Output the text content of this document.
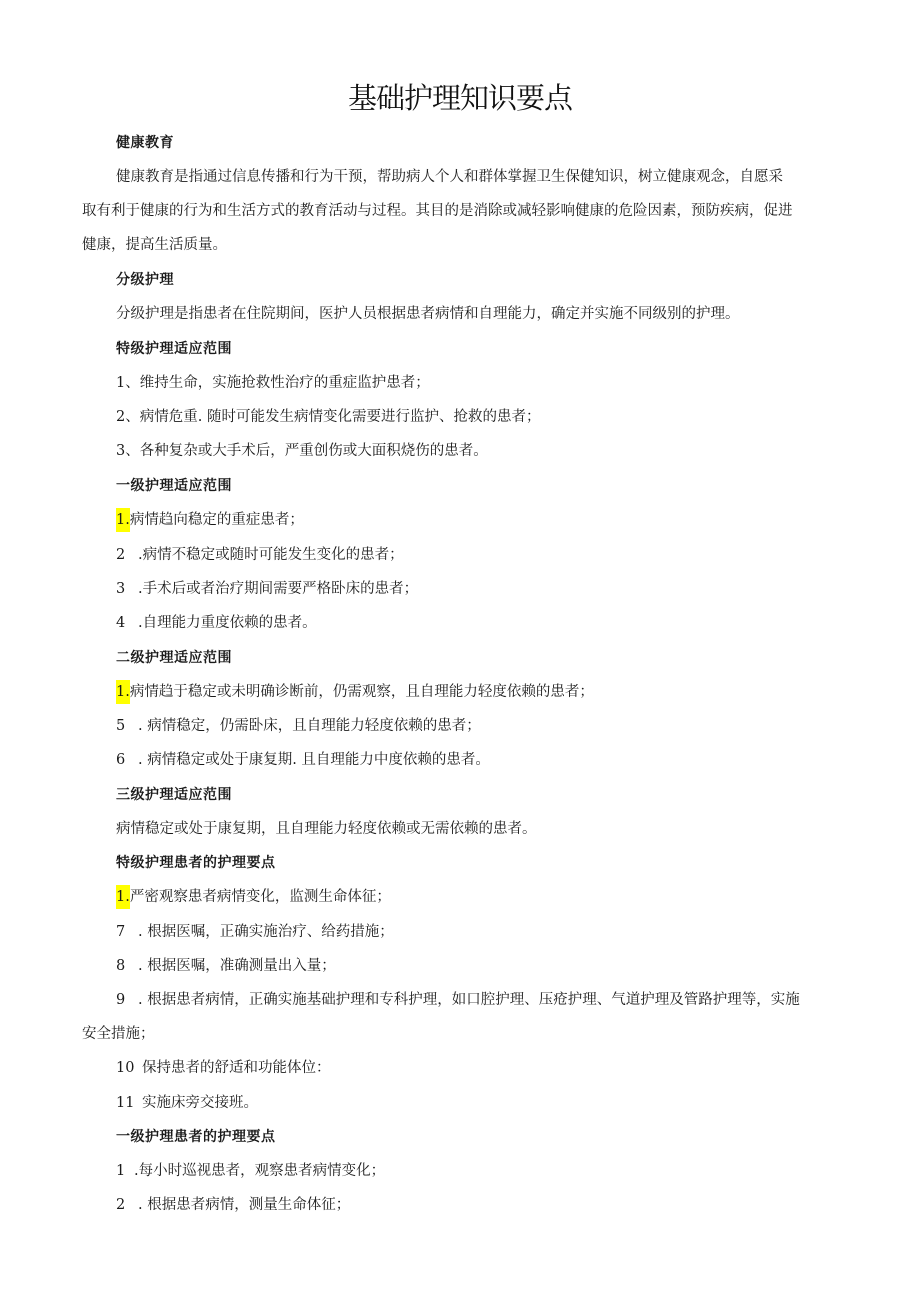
基础护理知识要点
健康教育
健康教育是指通过信息传播和行为干预，帮助病人个人和群体掌握卫生保健知识，树立健康观念，自愿采
取有利于健康的行为和生活方式的教育活动与过程。其目的是消除或减轻影响健康的危险因素，预防疾病，促进
健康，提高生活质量。
分级护理
分级护理是指患者在住院期间，医护人员根据患者病情和自理能力，确定并实施不同级别的护理。
特级护理适应范围
1、维持生命，实施抢救性治疗的重症监护患者；
2、病情危重. 随时可能发生病情变化需要进行监护、抢救的患者；
3、各种复杂或大手术后，严重创伤或大面积烧伤的患者。
一级护理适应范围
1.病情趋向稳定的重症患者；
2 .病情不稳定或随时可能发生变化的患者；
3 .手术后或者治疗期间需要严格卧床的患者；
4 .自理能力重度依赖的患者。
二级护理适应范围
1.病情趋于稳定或未明确诊断前，仍需观察，且自理能力轻度依赖的患者；
5 . 病情稳定，仍需卧床，且自理能力轻度依赖的患者；
6 . 病情稳定或处于康复期. 且自理能力中度依赖的患者。
三级护理适应范围
病情稳定或处于康复期，且自理能力轻度依赖或无需依赖的患者。
特级护理患者的护理要点
1.严密观察患者病情变化，监测生命体征；
7 . 根据医嘱，正确实施治疗、给药措施；
8 . 根据医嘱，准确测量出入量；
9 . 根据患者病情，正确实施基础护理和专科护理，如口腔护理、压疮护理、气道护理及管路护理等，实施
安全措施；
10 保持患者的舒适和功能体位：
11 实施床旁交接班。
一级护理患者的护理要点
1 .每小时巡视患者，观察患者病情变化；
2 . 根据患者病情，测量生命体征；
